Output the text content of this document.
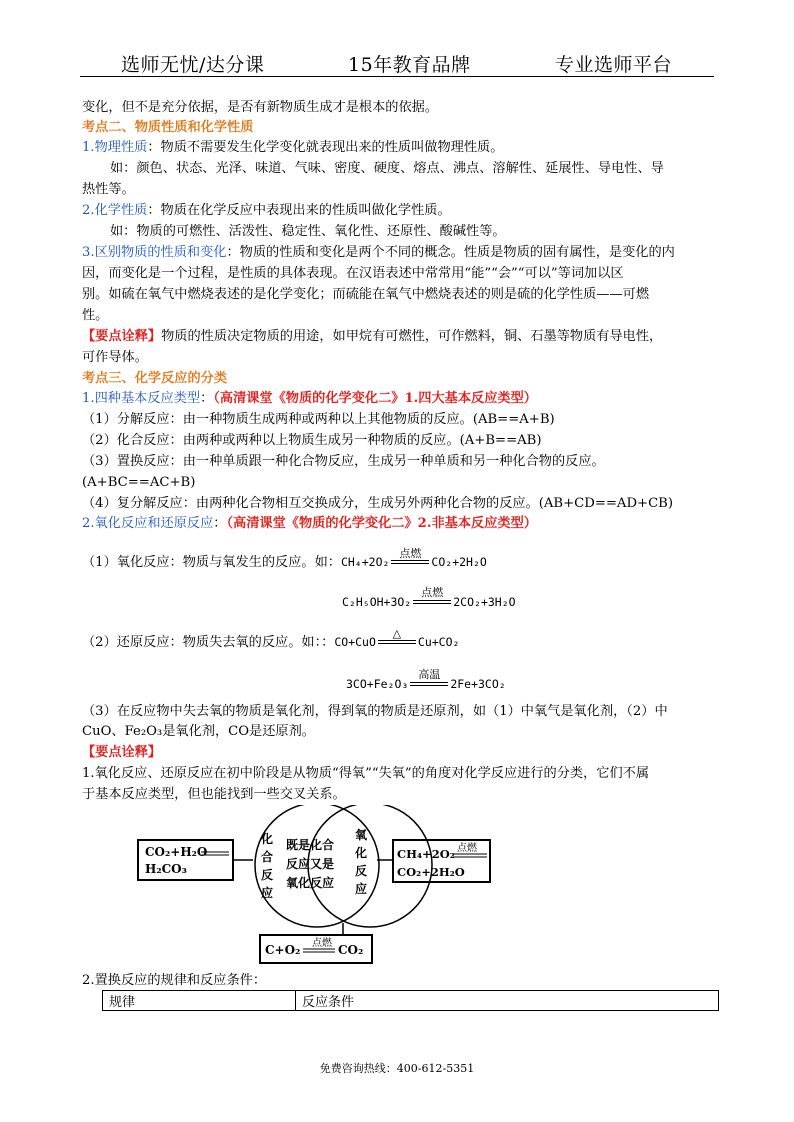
选师无忧/达分课	15年教育品牌	专业选师平台
变化，但不是充分依据，是否有新物质生成才是根本的依据。
考点二、物质性质和化学性质
1.物理性质：物质不需要发生化学变化就表现出来的性质叫做物理性质。
如：颜色、状态、光泽、味道、气味、密度、硬度、熔点、沸点、溶解性、延展性、导电性、导
热性等。
2.化学性质：物质在化学反应中表现出来的性质叫做化学性质。
如：物质的可燃性、活泼性、稳定性、氧化性、还原性、酸碱性等。
3.区别物质的性质和变化：物质的性质和变化是两个不同的概念。性质是物质的固有属性，是变化的内
因，而变化是一个过程，是性质的具体表现。在汉语表述中常常用“能”“会”“可以”等词加以区
别。如硫在氧气中燃烧表述的是化学变化；而硫能在氧气中燃烧表述的则是硫的化学性质——可燃
性。
【要点诠释】物质的性质决定物质的用途，如甲烷有可燃性，可作燃料，铜、石墨等物质有导电性，
可作导体。
考点三、化学反应的分类
1.四种基本反应类型：（高清课堂《物质的化学变化二》1.四大基本反应类型）
（1）分解反应：由一种物质生成两种或两种以上其他物质的反应。(AB==A+B)
（2）化合反应：由两种或两种以上物质生成另一种物质的反应。(A+B==AB)
（3）置换反应：由一种单质跟一种化合物反应，生成另一种单质和另一种化合物的反应。
(A+BC==AC+B)
（4）复分解反应：由两种化合物相互交换成分，生成另外两种化合物的反应。(AB+CD==AD+CB)
2.氧化反应和还原反应：（高清课堂《物质的化学变化二》2.非基本反应类型）
（1）氧化反应：物质与氧发生的反应。如：CH₄+2O₂
点燃
CO₂+2H₂O
C₂H₅OH+3O₂
点燃
2CO₂+3H₂O
（2）还原反应：物质失去氧的反应。如：：CO+CuO
△
Cu+CO₂
3CO+Fe₂O₃
高温
2Fe+3CO₂
（3）在反应物中失去氧的物质是氧化剂，得到氧的物质是还原剂，如（1）中氧气是氧化剂，（2）中
CuO、Fe₂O₃是氧化剂，CO是还原剂。
【要点诠释】
1.氧化反应、还原反应在初中阶段是从物质“得氧”“失氧”的角度对化学反应进行的分类，它们不属
于基本反应类型，但也能找到一些交叉关系。
CO₂+H₂O
H₂CO₃
化
合
反
应
既是化合
反应又是
氧化反应
氧
化
反
应
CH₄+2O₂ 点燃
CO₂+2H₂O
C+O₂ 点燃 CO₂
2.置换反应的规律和反应条件：
规律	反应条件
免费咨询热线：400-612-5351
